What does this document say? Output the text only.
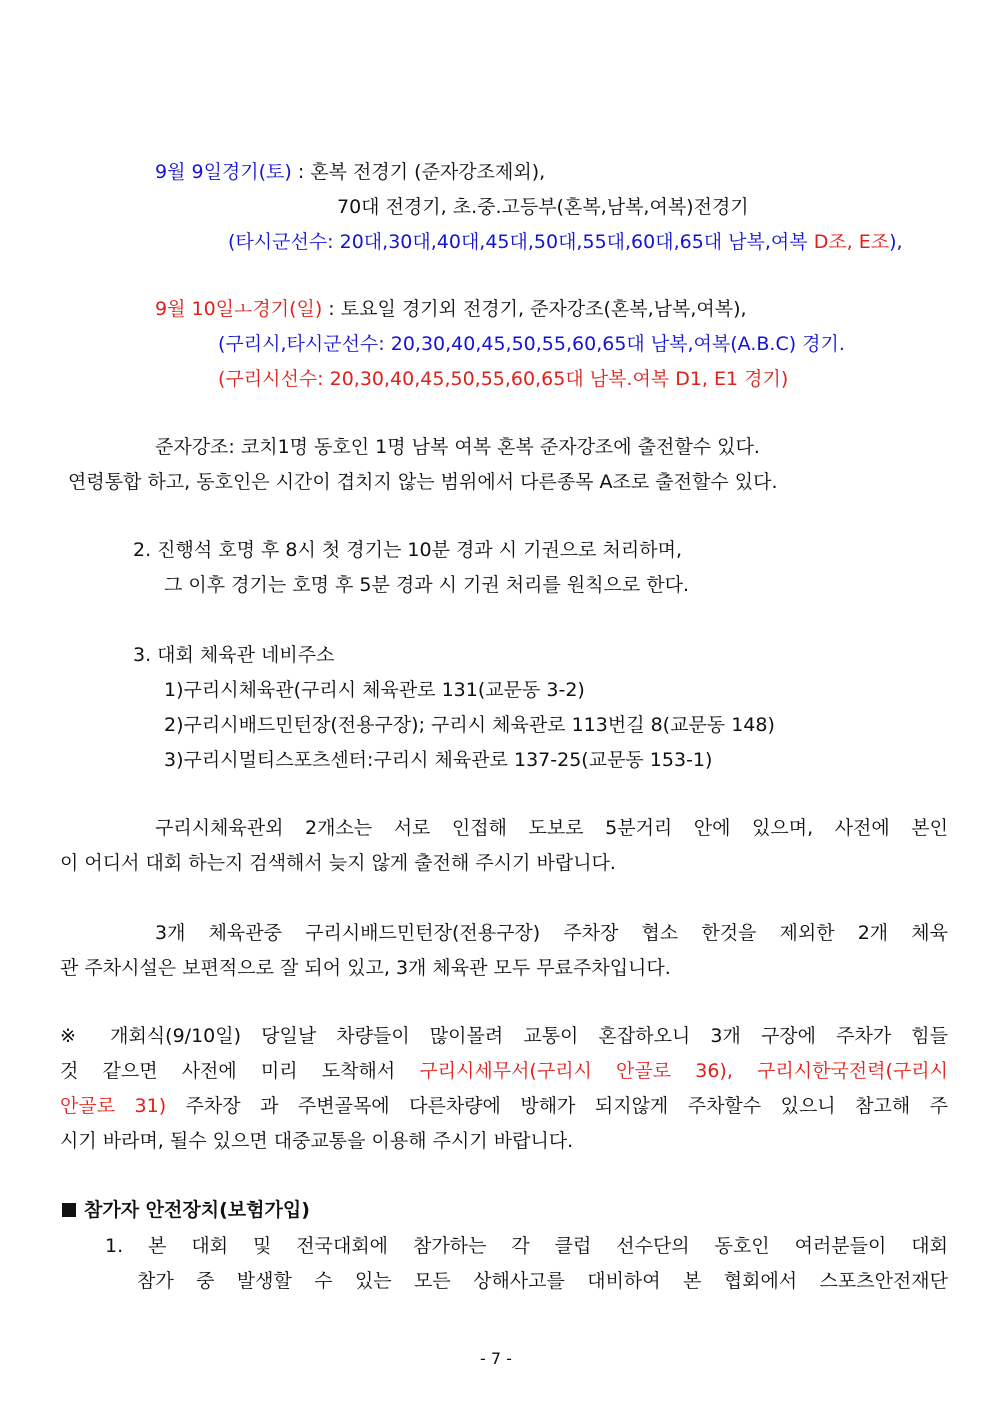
9월 9일경기(토) : 혼복 전경기 (준자강조제외),
70대 전경기, 초.중.고등부(혼복,남복,여복)전경기
(타시군선수: 20대,30대,40대,45대,50대,55대,60대,65대 남복,여복 D조, E조),
9월 10일ㅗ경기(일) : 토요일 경기외 전경기, 준자강조(혼복,남복,여복),
(구리시,타시군선수: 20,30,40,45,50,55,60,65대 남복,여복(A.B.C) 경기.
(구리시선수: 20,30,40,45,50,55,60,65대 남복.여복 D1, E1 경기)
준자강조: 코치1명 동호인 1명 남복 여복 혼복 준자강조에 출전할수 있다.
연령통합 하고, 동호인은 시간이 겹치지 않는 범위에서 다른종목 A조로 출전할수 있다.
2. 진행석 호명 후 8시 첫 경기는 10분 경과 시 기권으로 처리하며,
그 이후 경기는 호명 후 5분 경과 시 기권 처리를 원칙으로 한다.
3. 대회 체육관 네비주소
1)구리시체육관(구리시 체육관로 131(교문동 3-2)
2)구리시배드민턴장(전용구장); 구리시 체육관로 113번길 8(교문동 148)
3)구리시멀티스포츠센터:구리시 체육관로 137-25(교문동 153-1)
구리시체육관외 2개소는 서로 인접해 도보로 5분거리 안에 있으며, 사전에 본인
이 어디서 대회 하는지 검색해서 늦지 않게 출전해 주시기 바랍니다.
3개 체육관중 구리시배드민턴장(전용구장) 주차장 협소 한것을 제외한 2개 체육
관 주차시설은 보편적으로 잘 되어 있고, 3개 체육관 모두 무료주차입니다.
※ 개회식(9/10일) 당일날 차량들이 많이몰려 교통이 혼잡하오니 3개 구장에 주차가 힘들
것 같으면 사전에 미리 도착해서 구리시세무서(구리시 안골로 36), 구리시한국전력(구리시
안골로 31) 주차장 과 주변골목에 다른차량에 방해가 되지않게 주차할수 있으니 참고해 주
시기 바라며, 될수 있으면 대중교통을 이용해 주시기 바랍니다.
참가자 안전장치(보험가입)
1. 본 대회 및 전국대회에 참가하는 각 클럽 선수단의 동호인 여러분들이 대회
참가 중 발생할 수 있는 모든 상해사고를 대비하여 본 협회에서 스포츠안전재단
- 7 -
